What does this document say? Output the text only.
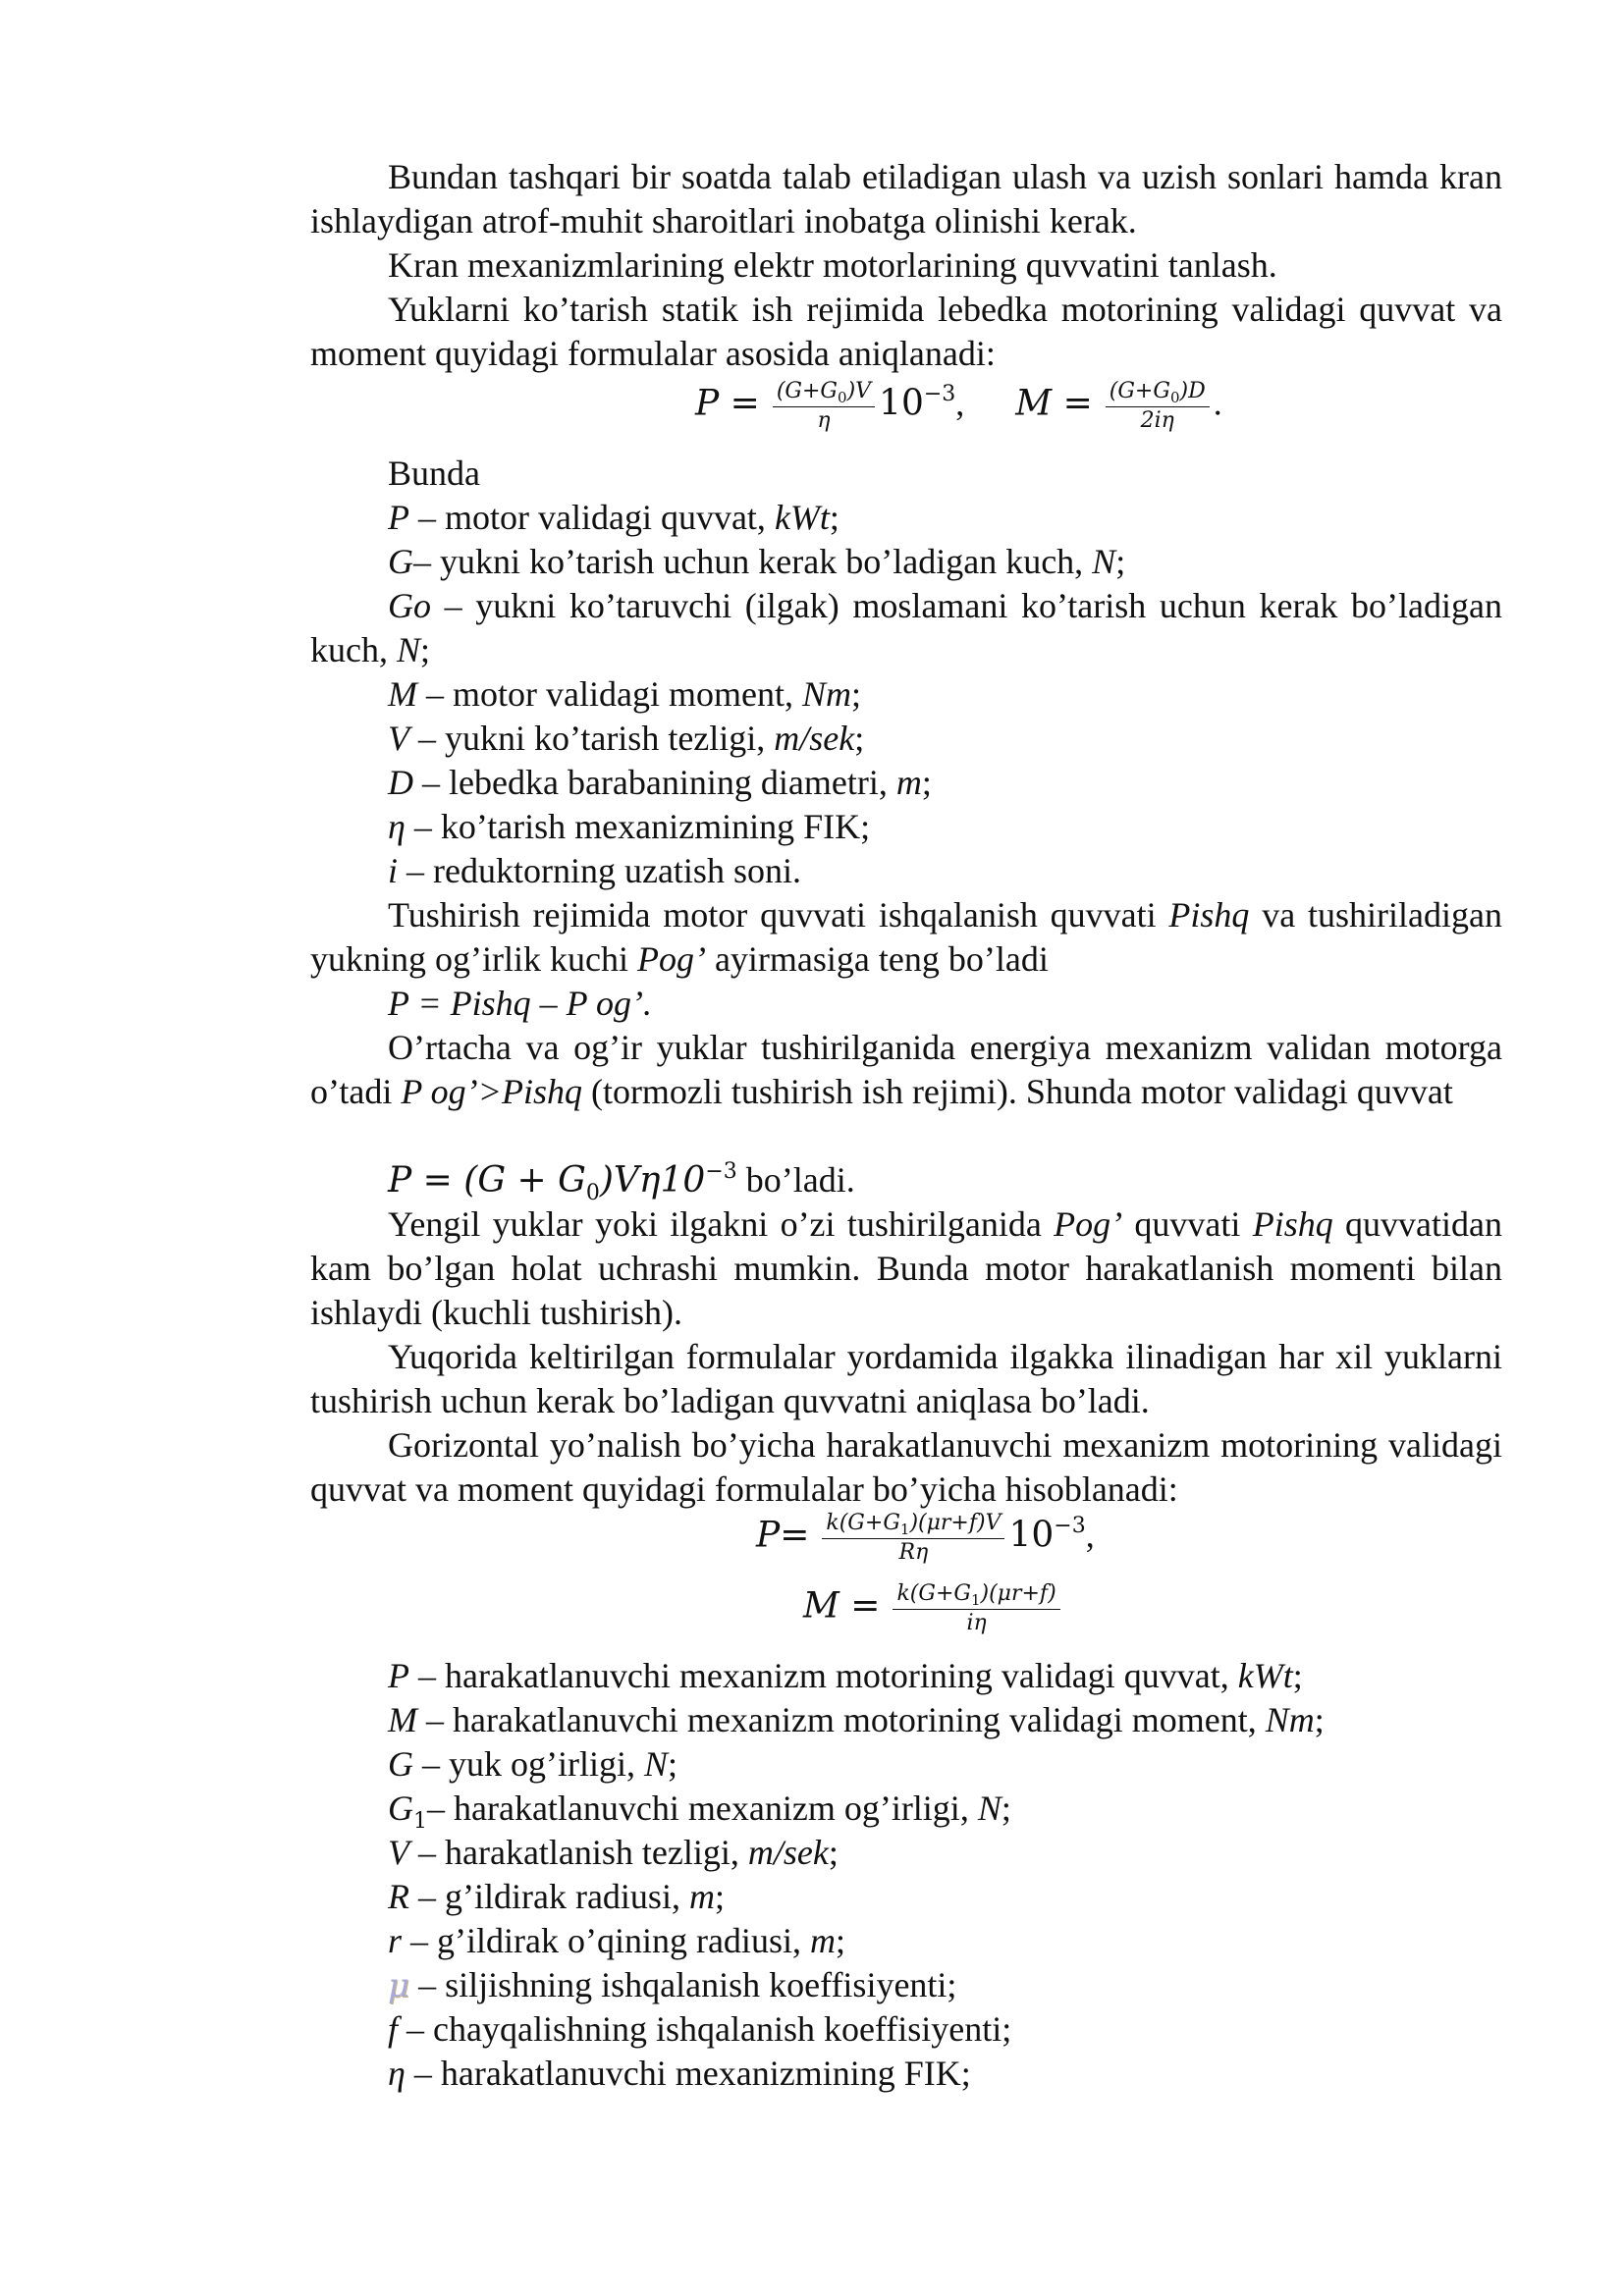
Bundan tashqari bir soatda talab etiladigan ulash va uzish sonlari hamda kran ishlaydigan atrof-muhit sharoitlari inobatga olinishi kerak.

Kran mexanizmlarining elektr motorlarining quvvatini tanlash.

Yuklarni ko’tarish statik ish rejimida lebedka motorining validagi quvvat va moment quyidagi formulalar asosida aniqlanadi:

$P = \frac{(G+G_0)V}{\eta} 10^{-3}$, $M = \frac{(G+G_0)D}{2i\eta}$ .

Bunda

P – motor validagi quvvat, kWt;

G– yukni ko’tarish uchun kerak bo’ladigan kuch, N;

M – motor validagi moment, Nm;

V – yukni ko’tarish tezligi, m/sek;

D – lebedka barabanining diametri, m;

η – ko’tarish mexanizmining FIK;

i – reduktorning uzatish soni.

Go – yukni ko’taruvchi (ilgak) moslamani ko’tarish uchun kerak bo’ladigan kuch, N;

Tushirish rejimida motor quvvati ishqalanish quvvati Pishq va tushiriladigan yukning og’irlik kuchi Pog’ ayirmasiga teng bo’ladi

P = Pishq – P og’.

O’rtacha va og’ir yuklar tushirilganida energiya mexanizm validan motorga o’tadi P og’>Pishq (tormozli tushirish ish rejimi). Shunda motor validagi quvvat

$P = (G + G_0)V\eta 10^{-3}$ bo’ladi.

Yengil yuklar yoki ilgakni o’zi tushirilganida Pog’ quvvati Pishq quvvatidan kam bo’lgan holat uchrashi mumkin. Bunda motor harakatlanish momenti bilan ishlaydi (kuchli tushirish).

Yuqorida keltirilgan formulalar yordamida ilgakka ilinadigan har xil yuklarni tushirish uchun kerak bo’ladigan quvvatni aniqlasa bo’ladi.

Gorizontal yo’nalish bo’yicha harakatlanuvchi mexanizm motorining validagi quvvat va moment quyidagi formulalar bo’yicha hisoblanadi:

$P= \frac{k(G+G_1)(\mu r+f)V}{R\eta} 10^{-3}$,
$M = \frac{k(G+G_1)(\mu r+f)}{i\eta}$

P – harakatlanuvchi mexanizm motorining validagi quvvat, kWt;

M – harakatlanuvchi mexanizm motorining validagi moment, Nm;

G – yuk og’irligi, N;

$G_1-$ harakatlanuvchi mexanizm og’irligi, N;

V – harakatlanish tezligi, m/sek;

R – g’ildirak radiusi, m;

r – g’ildirak o’qining radiusi, m;

μ – siljishning ishqalanish koeffisiyenti;

f – chayqalishning ishqalanish koeffisiyenti;

η – harakatlanuvchi mexanizmining FIK;
